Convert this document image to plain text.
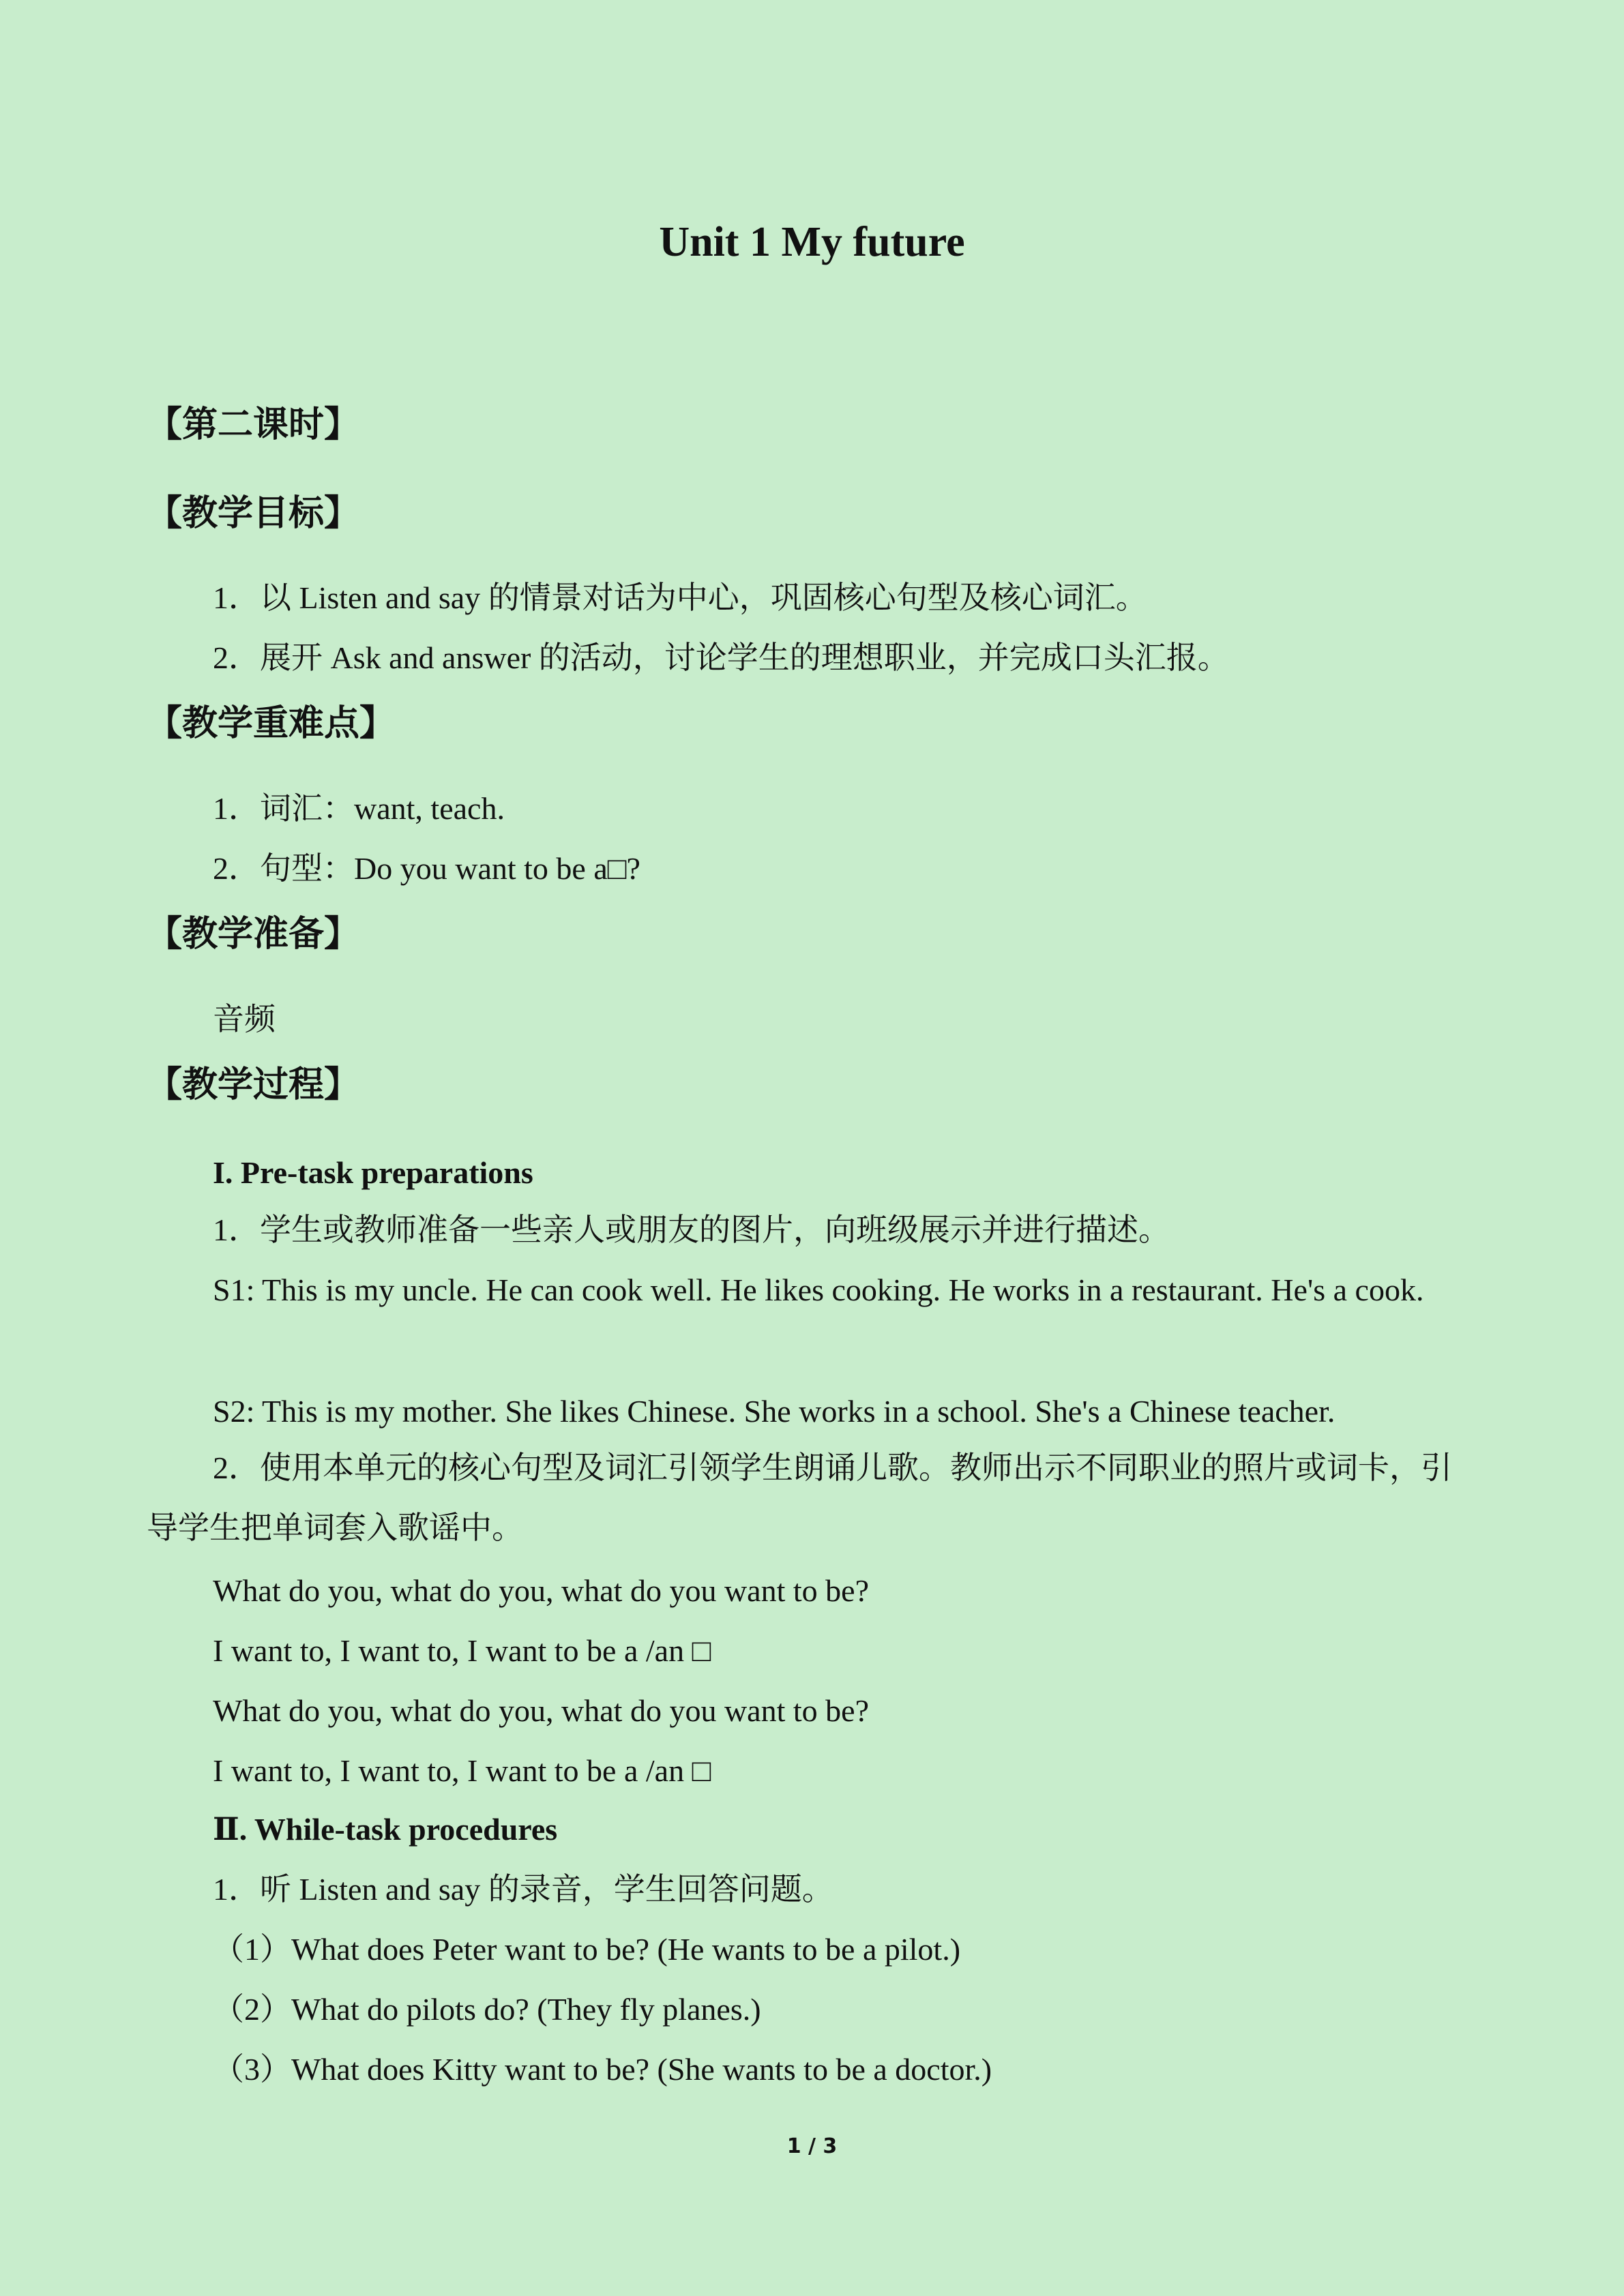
Unit 1 My future
【第二课时】
【教学目标】
1．以 Listen and say 的情景对话为中心，巩固核心句型及核心词汇。
2．展开 Ask and answer 的活动，讨论学生的理想职业，并完成口头汇报。
【教学重难点】
1．词汇：want, teach.
2．句型：Do you want to be a□?
【教学准备】
音频
【教学过程】
I. Pre-task preparations
1．学生或教师准备一些亲人或朋友的图片，向班级展示并进行描述。
S1: This is my uncle. He can cook well. He likes cooking. He works in a restaurant. He's a cook.
S2: This is my mother. She likes Chinese. She works in a school. She's a Chinese teacher.
2．使用本单元的核心句型及词汇引领学生朗诵儿歌。教师出示不同职业的照片或词卡，引导学生把单词套入歌谣中。
What do you, what do you, what do you want to be?
I want to, I want to, I want to be a /an □
What do you, what do you, what do you want to be?
I want to, I want to, I want to be a /an □
Ⅱ. While-task procedures
1．听 Listen and say 的录音，学生回答问题。
（1）What does Peter want to be? (He wants to be a pilot.)
（2）What do pilots do? (They fly planes.)
（3）What does Kitty want to be? (She wants to be a doctor.)
1 / 3
